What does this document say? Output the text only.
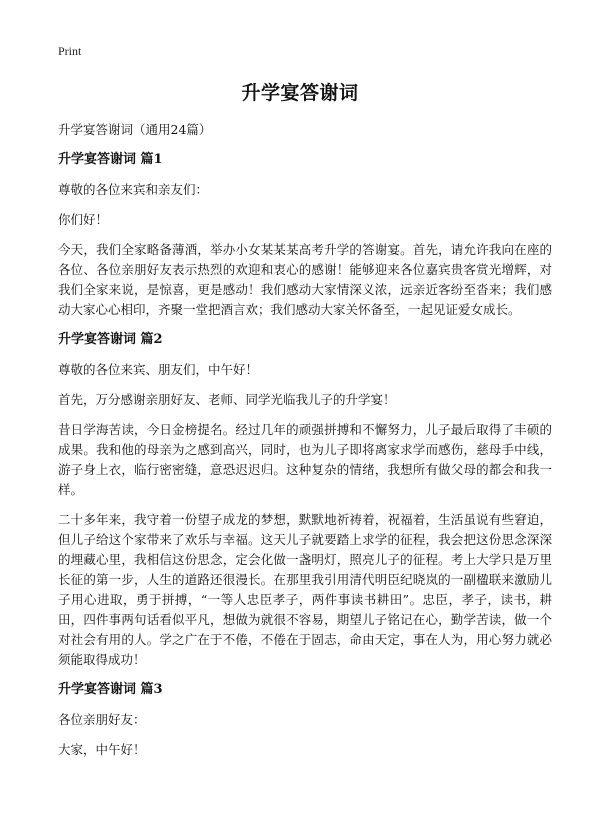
Print
升学宴答谢词

升学宴答谢词（通用24篇）

升学宴答谢词 篇1

尊敬的各位来宾和亲友们：

你们好！

今天，我们全家略备薄酒，举办小女某某某高考升学的答谢宴。首先，请允许我向在座的各位、各位亲朋好友表示热烈的欢迎和衷心的感谢！能够迎来各位嘉宾贵客赏光增辉，对我们全家来说，是惊喜，更是感动！我们感动大家情深义浓，远亲近客纷至沓来；我们感动大家心心相印，齐聚一堂把酒言欢；我们感动大家关怀备至，一起见证爱女成长。

升学宴答谢词 篇2

尊敬的各位来宾、朋友们，中午好！

首先，万分感谢亲朋好友、老师、同学光临我儿子的升学宴！

昔日学海苦读，今日金榜提名。经过几年的顽强拼搏和不懈努力，儿子最后取得了丰硕的成果。我和他的母亲为之感到高兴，同时，也为儿子即将离家求学而感伤，慈母手中线，游子身上衣，临行密密缝，意恐迟迟归。这种复杂的情绪，我想所有做父母的都会和我一样。

二十多年来，我守着一份望子成龙的梦想，默默地祈祷着，祝福着，生活虽说有些窘迫，但儿子给这个家带来了欢乐与幸福。这天儿子就要踏上求学的征程，我会把这份思念深深的埋藏心里，我相信这份思念，定会化做一盏明灯，照亮儿子的征程。考上大学只是万里长征的第一步，人生的道路还很漫长。在那里我引用清代明臣纪晓岚的一副楹联来激励儿子用心进取，勇于拼搏，“一等人忠臣孝子，两件事读书耕田”。忠臣，孝子，读书，耕田，四件事两句话看似平凡，想做为就很不容易，期望儿子铭记在心，勤学苦读，做一个对社会有用的人。学之广在于不倦，不倦在于固志，命由天定，事在人为，用心努力就必须能取得成功！

升学宴答谢词 篇3

各位亲朋好友：

大家，中午好！
